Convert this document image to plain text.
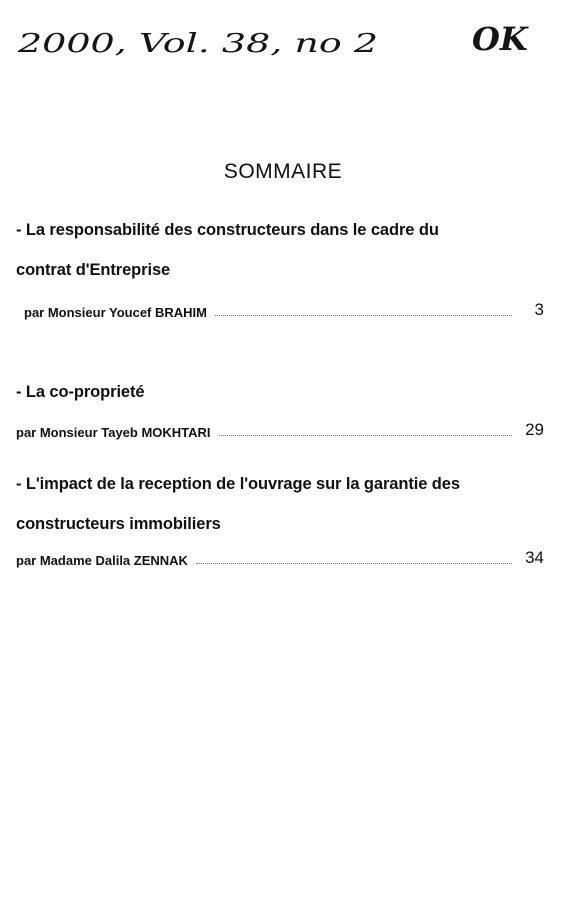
2000, Vol. 38, no 2	OK
SOMMAIRE
- La responsabilité des constructeurs dans le cadre du
contrat d'Entreprise
par Monsieur Youcef BRAHIM	3
- La co-proprieté
par Monsieur Tayeb MOKHTARI	29
- L'impact de la reception de l'ouvrage sur la garantie des
constructeurs immobiliers
par Madame Dalila ZENNAK	34
